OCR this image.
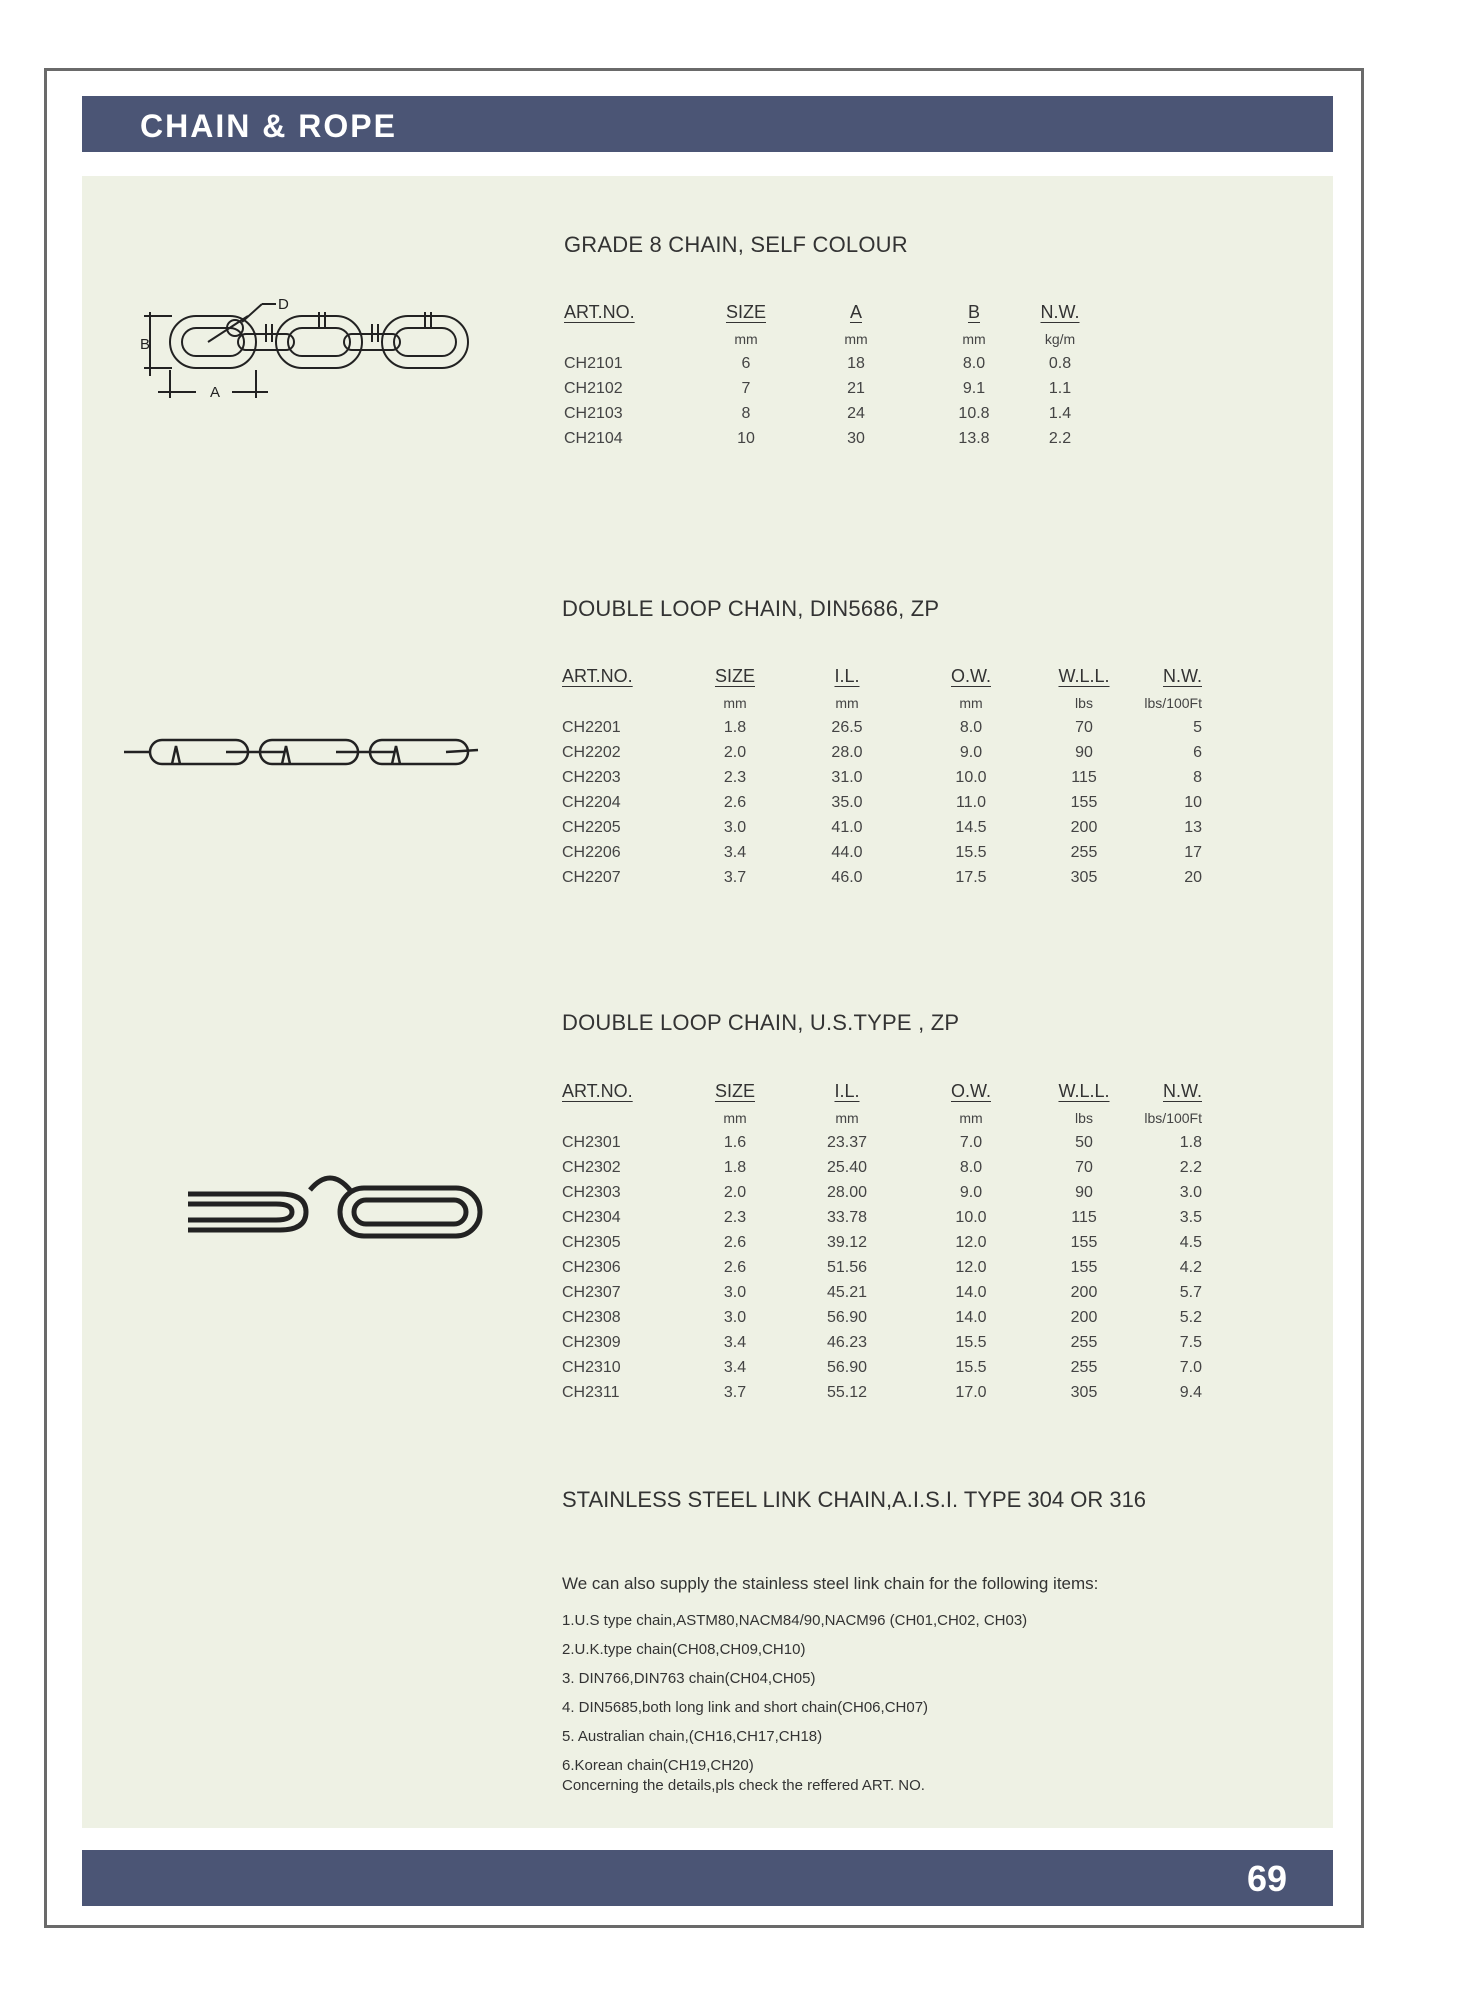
CHAIN & ROPE
GRADE 8 CHAIN, SELF COLOUR
B
A
D	ART.NO.	SIZE	A	B	N.W.
	mm	mm	mm	kg/m
CH2101	6	18	8.0	0.8
CH2102	7	21	9.1	1.1
CH2103	8	24	10.8	1.4
CH2104	10	30	13.8	2.2
DOUBLE LOOP CHAIN, DIN5686, ZP
ART.NO.	SIZE	I.L.	O.W.	W.L.L.	N.W.
	mm	mm	mm	lbs	lbs/100Ft
CH2201	1.8	26.5	8.0	70	5
CH2202	2.0	28.0	9.0	90	6
CH2203	2.3	31.0	10.0	115	8
CH2204	2.6	35.0	11.0	155	10
CH2205	3.0	41.0	14.5	200	13
CH2206	3.4	44.0	15.5	255	17
CH2207	3.7	46.0	17.5	305	20
DOUBLE LOOP CHAIN, U.S.TYPE , ZP
ART.NO.	SIZE	I.L.	O.W.	W.L.L.	N.W.
	mm	mm	mm	lbs	lbs/100Ft
CH2301	1.6	23.37	7.0	50	1.8
CH2302	1.8	25.40	8.0	70	2.2
CH2303	2.0	28.00	9.0	90	3.0
CH2304	2.3	33.78	10.0	115	3.5
CH2305	2.6	39.12	12.0	155	4.5
CH2306	2.6	51.56	12.0	155	4.2
CH2307	3.0	45.21	14.0	200	5.7
CH2308	3.0	56.90	14.0	200	5.2
CH2309	3.4	46.23	15.5	255	7.5
CH2310	3.4	56.90	15.5	255	7.0
CH2311	3.7	55.12	17.0	305	9.4
STAINLESS STEEL LINK CHAIN,A.I.S.I. TYPE 304 OR 316
We can also supply the stainless steel link chain for the following items:
1.U.S type chain,ASTM80,NACM84/90,NACM96 (CH01,CH02, CH03)
2.U.K.type chain(CH08,CH09,CH10)
3. DIN766,DIN763 chain(CH04,CH05)
4. DIN5685,both long link and short chain(CH06,CH07)
5. Australian chain,(CH16,CH17,CH18)
6.Korean chain(CH19,CH20)
Concerning the details,pls check the reffered ART. NO.
69
